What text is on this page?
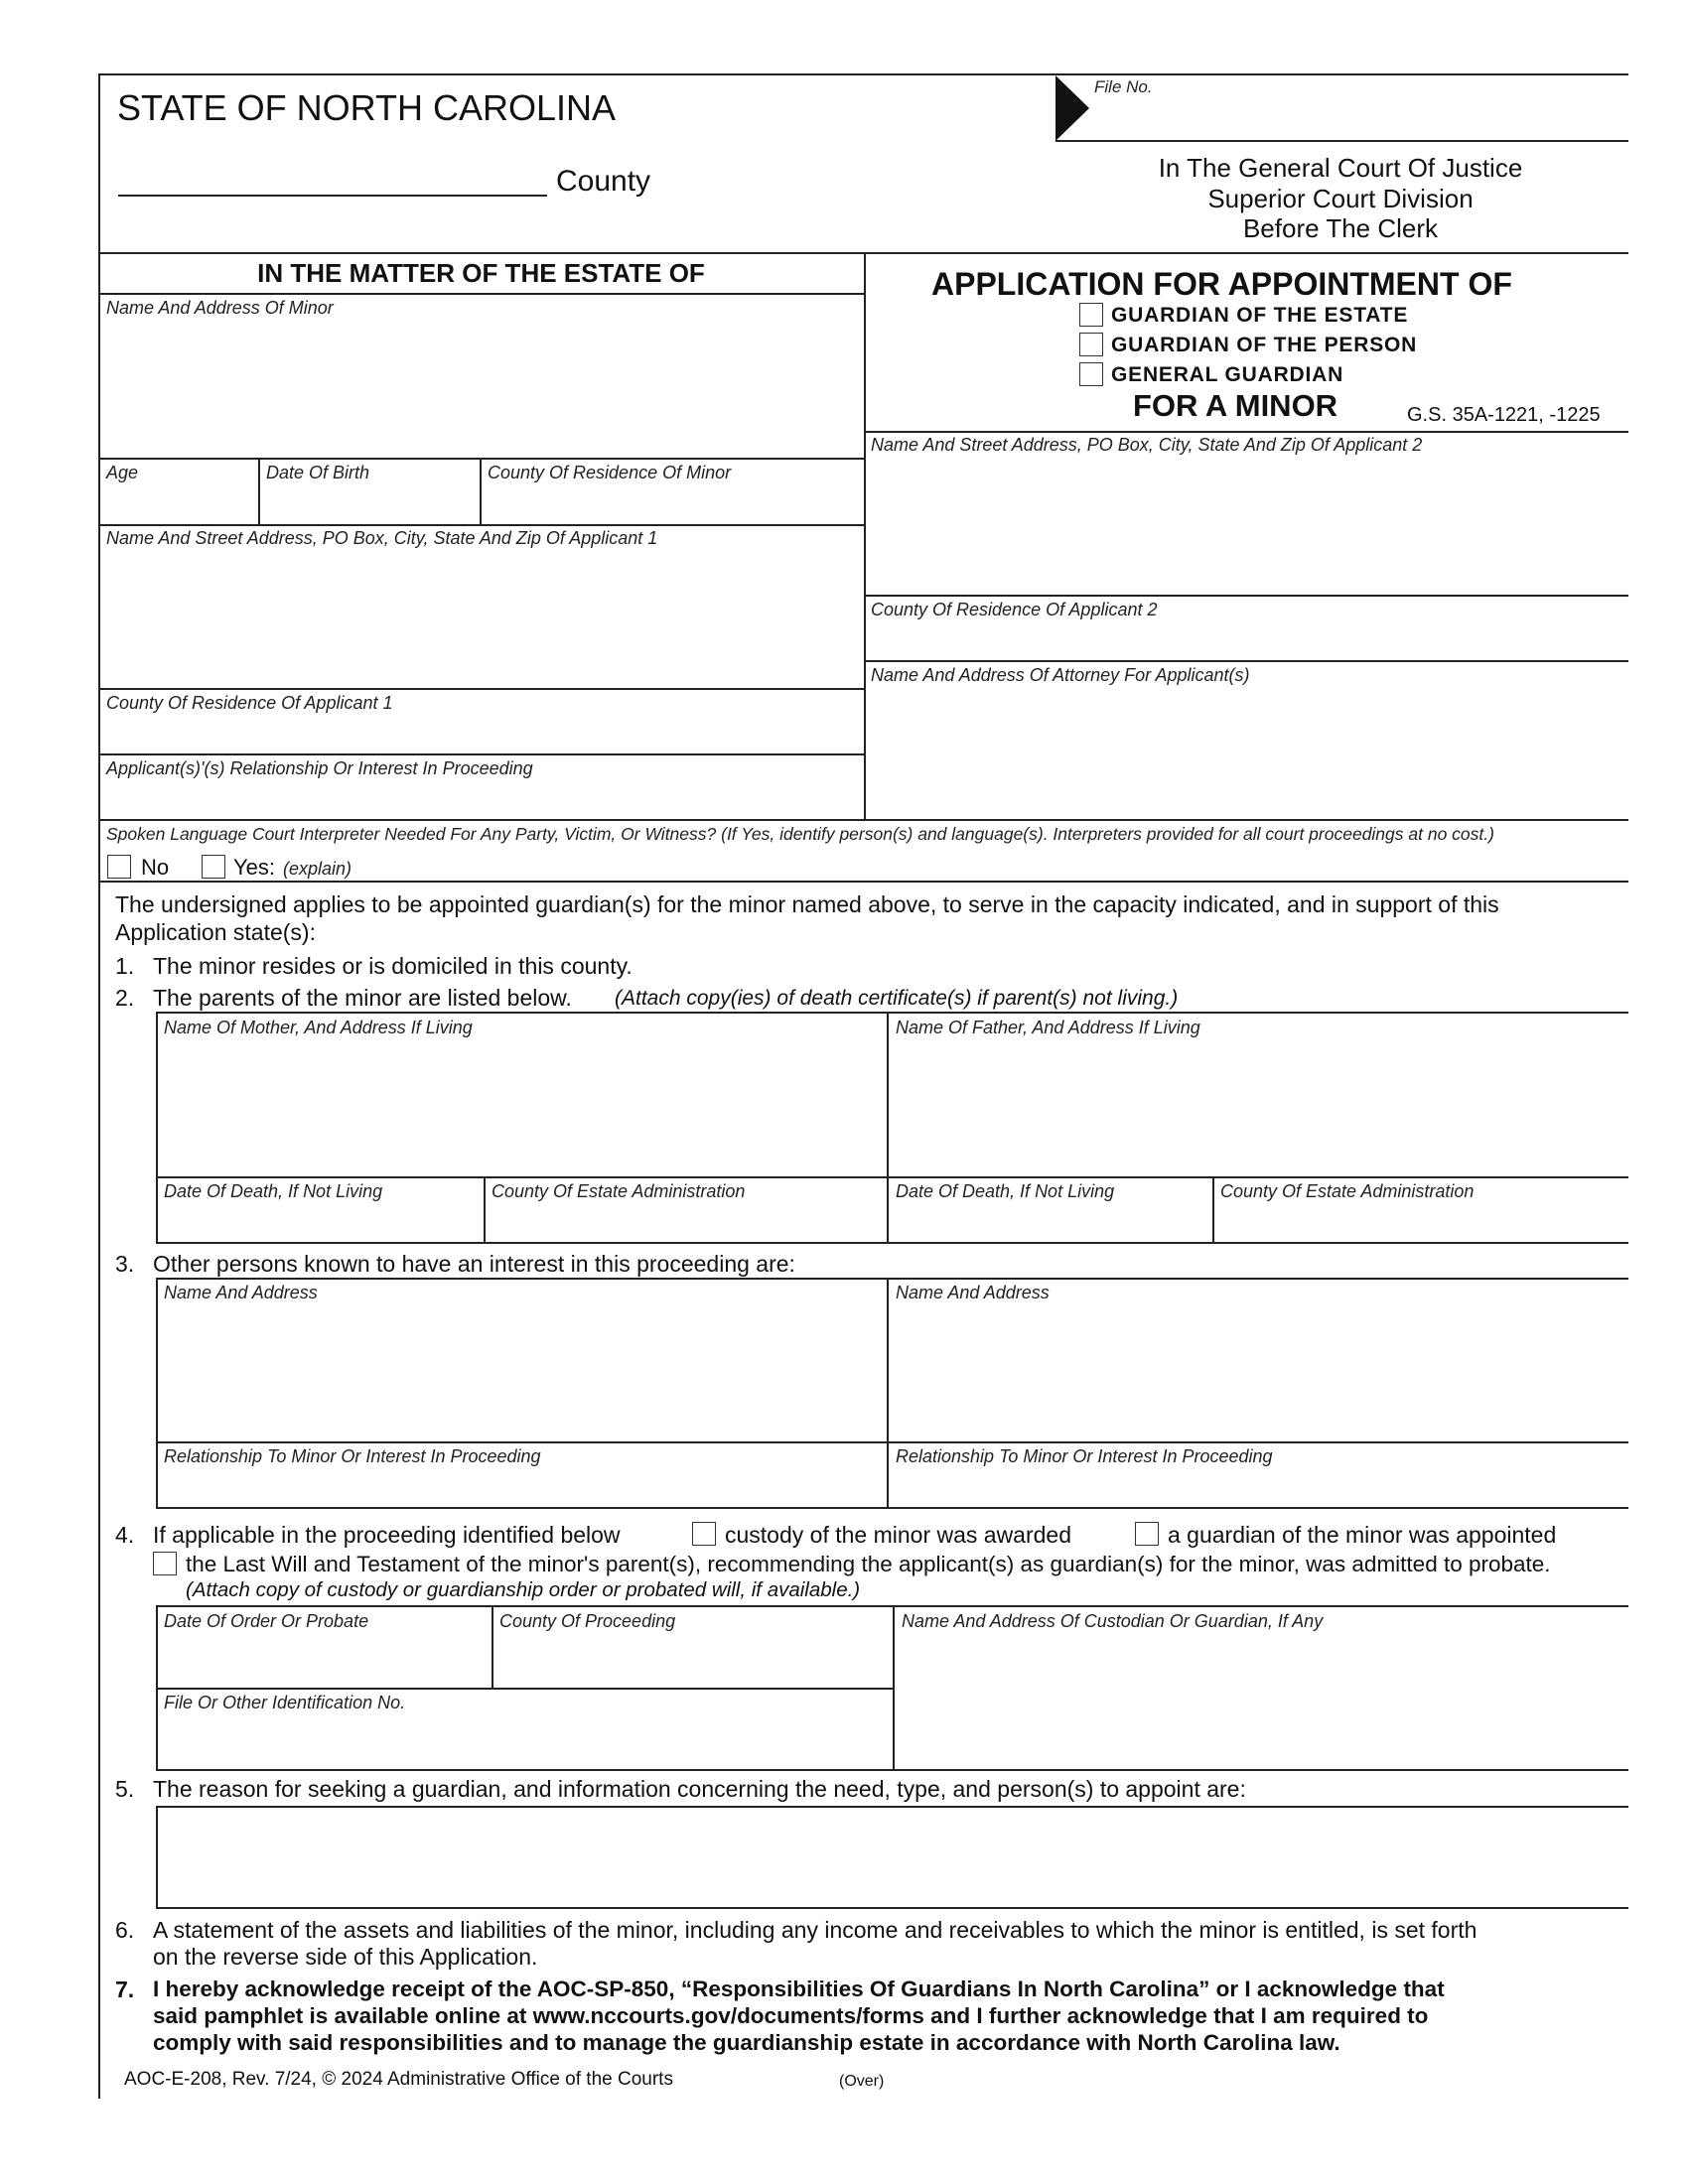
STATE OF NORTH CAROLINA
County
File No.
In The General Court Of Justice
Superior Court Division
Before The Clerk
IN THE MATTER OF THE ESTATE OF
Name And Address Of Minor
Age	Date Of Birth	County Of Residence Of Minor
Name And Street Address, PO Box, City, State And Zip Of Applicant 1
County Of Residence Of Applicant 1
Applicant(s)'(s) Relationship Or Interest In Proceeding
APPLICATION FOR APPOINTMENT OF
GUARDIAN OF THE ESTATE
GUARDIAN OF THE PERSON
GENERAL GUARDIAN
FOR A MINOR	G.S. 35A-1221, -1225
Name And Street Address, PO Box, City, State And Zip Of Applicant 2
County Of Residence Of Applicant 2
Name And Address Of Attorney For Applicant(s)
Spoken Language Court Interpreter Needed For Any Party, Victim, Or Witness? (If Yes, identify person(s) and language(s). Interpreters provided for all court proceedings at no cost.)
No	Yes: (explain)
The undersigned applies to be appointed guardian(s) for the minor named above, to serve in the capacity indicated, and in support of this
Application state(s):
1. The minor resides or is domiciled in this county.
2. The parents of the minor are listed below. (Attach copy(ies) of death certificate(s) if parent(s) not living.)
Name Of Mother, And Address If Living	Name Of Father, And Address If Living
Date Of Death, If Not Living	County Of Estate Administration	Date Of Death, If Not Living	County Of Estate Administration
3. Other persons known to have an interest in this proceeding are:
Name And Address	Name And Address
Relationship To Minor Or Interest In Proceeding	Relationship To Minor Or Interest In Proceeding
4. If applicable in the proceeding identified below	custody of the minor was awarded	a guardian of the minor was appointed
the Last Will and Testament of the minor's parent(s), recommending the applicant(s) as guardian(s) for the minor, was admitted to probate.
(Attach copy of custody or guardianship order or probated will, if available.)
Date Of Order Or Probate	County Of Proceeding	Name And Address Of Custodian Or Guardian, If Any
File Or Other Identification No.
5. The reason for seeking a guardian, and information concerning the need, type, and person(s) to appoint are:
6. A statement of the assets and liabilities of the minor, including any income and receivables to which the minor is entitled, is set forth
on the reverse side of this Application.
7. I hereby acknowledge receipt of the AOC-SP-850, “Responsibilities Of Guardians In North Carolina” or I acknowledge that
said pamphlet is available online at www.nccourts.gov/documents/forms and I further acknowledge that I am required to
comply with said responsibilities and to manage the guardianship estate in accordance with North Carolina law.
AOC-E-208, Rev. 7/24, © 2024 Administrative Office of the Courts	(Over)
